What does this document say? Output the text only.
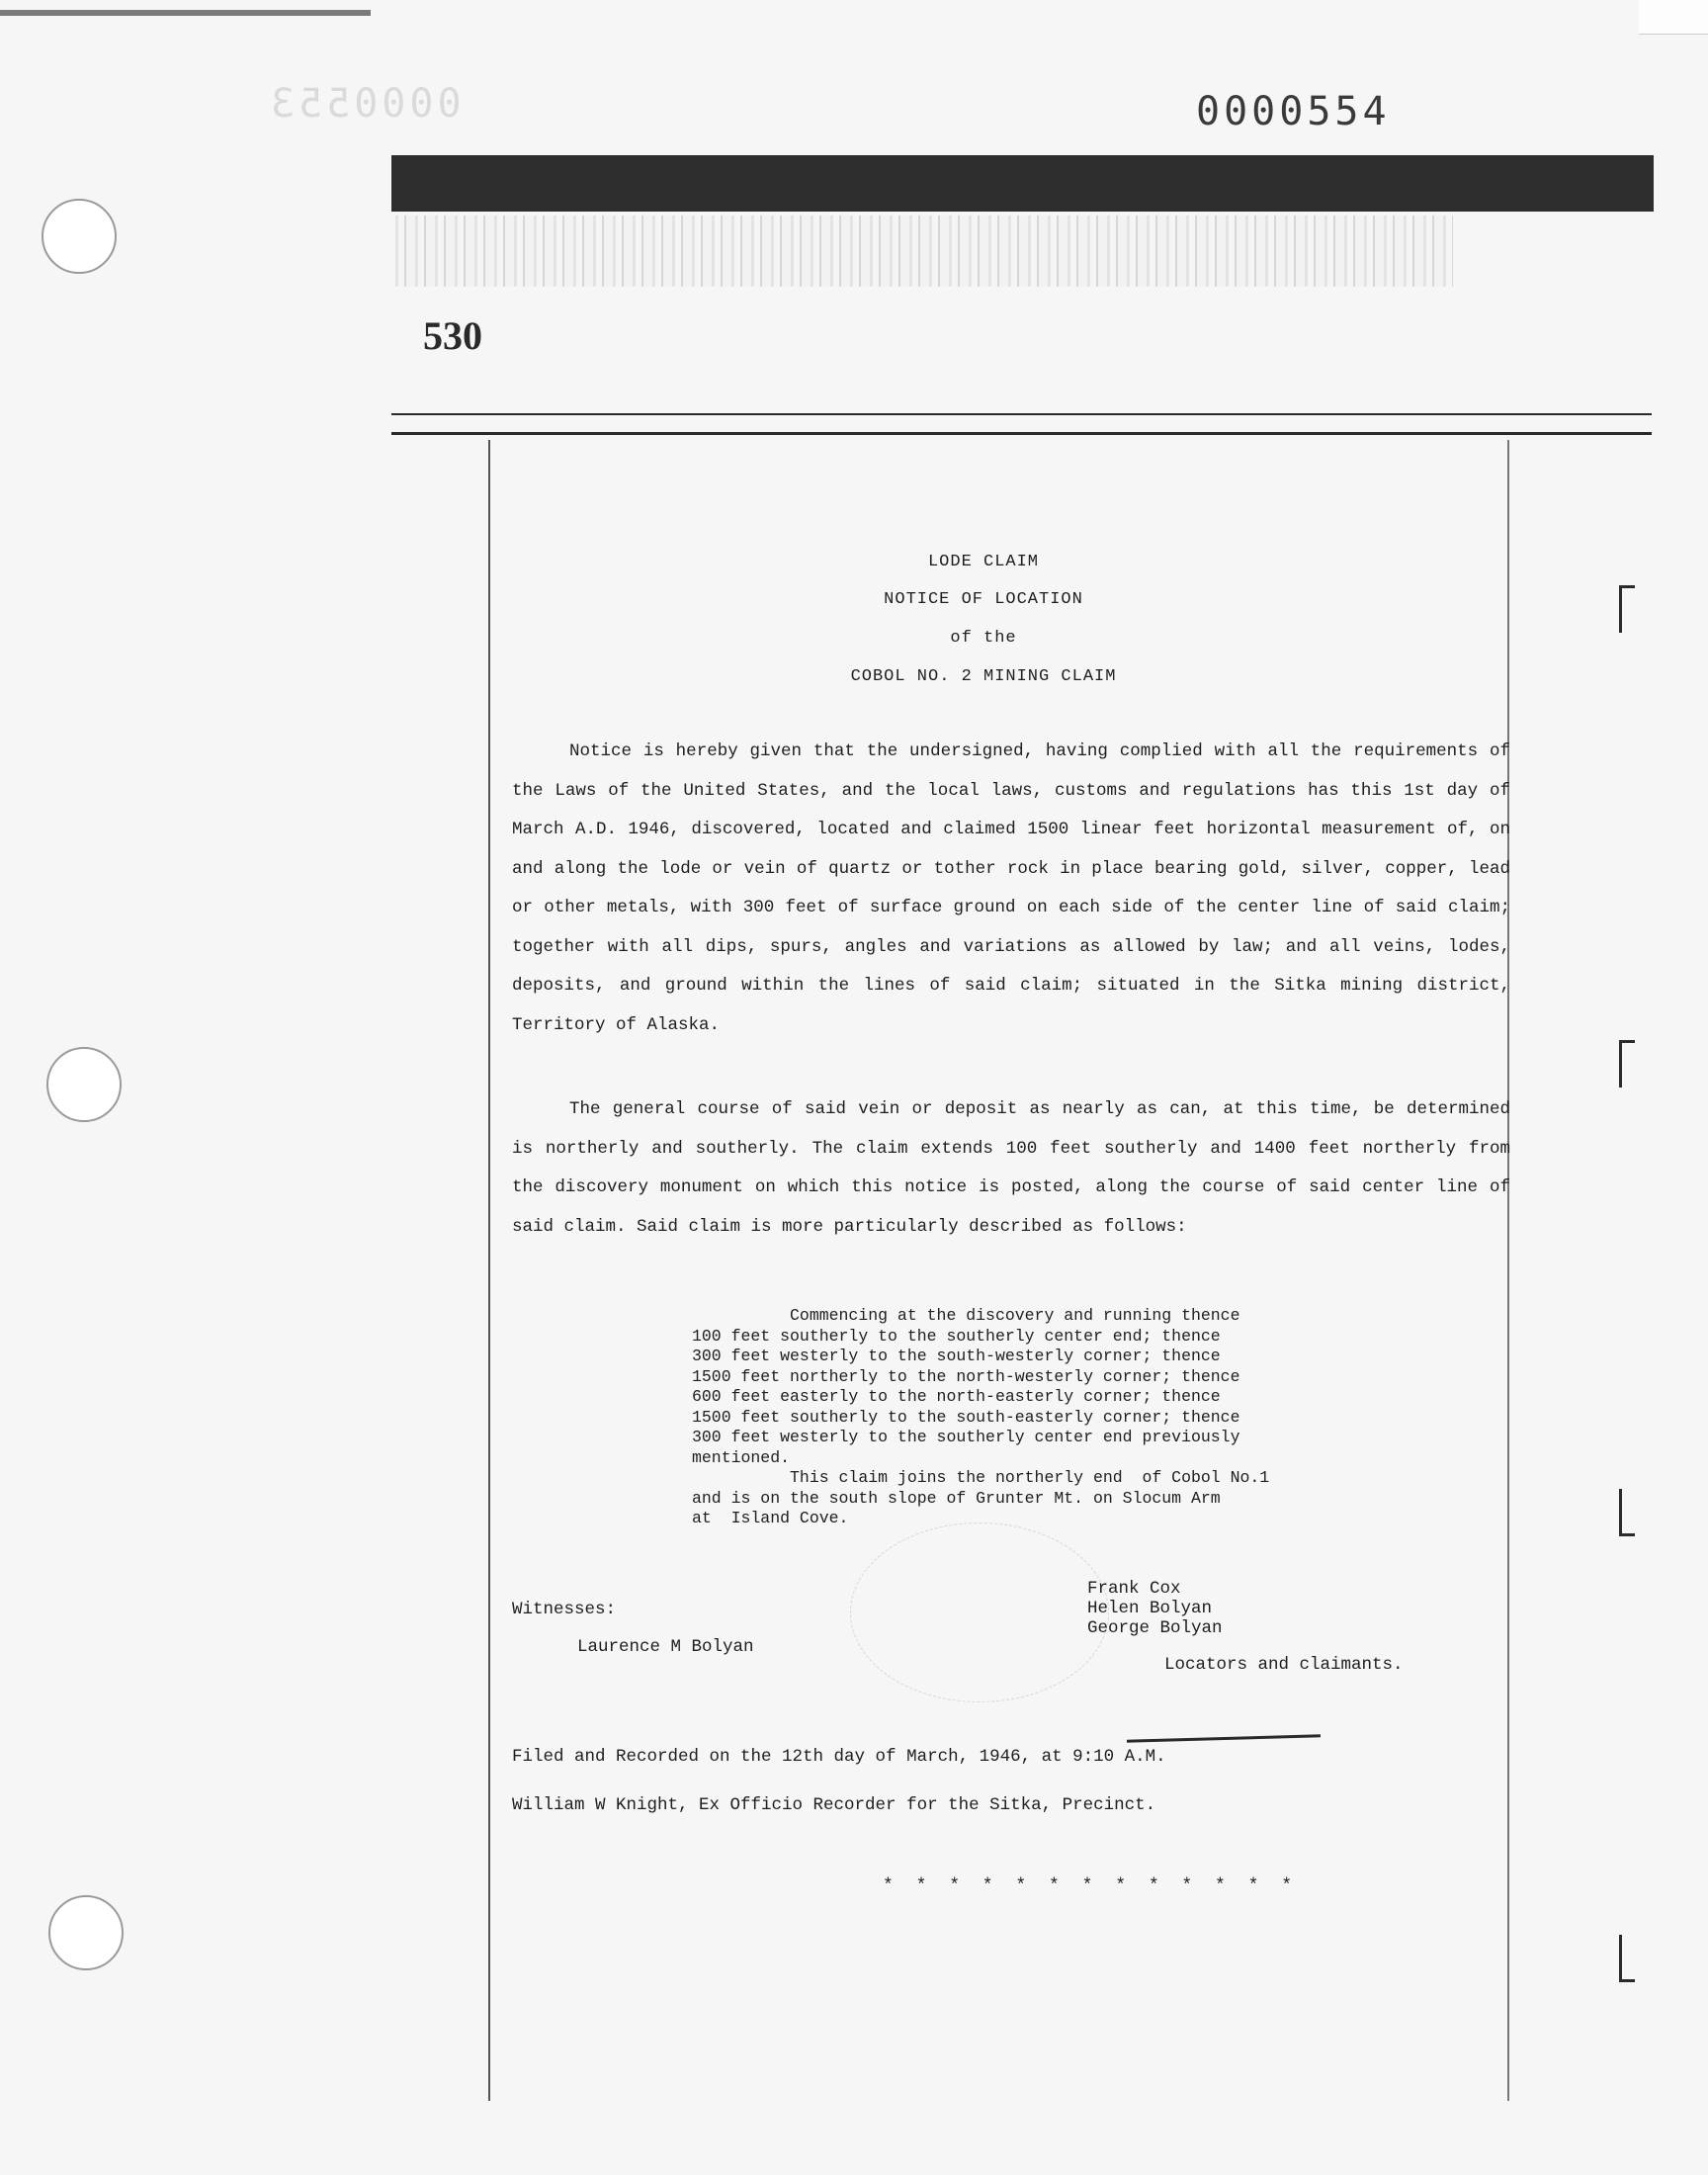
0000553	0000554
530
LODE CLAIM
NOTICE OF LOCATION
of the
COBOL NO. 2 MINING CLAIM

Notice is hereby given that the undersigned, having complied with all the requirements of the Laws of the United States, and the local laws, customs and regulations has this 1st day of March A.D. 1946, discovered, located and claimed 1500 linear feet horizontal measurement of, on and along the lode or vein of quartz or tother rock in place bearing gold, silver, copper, lead or other metals, with 300 feet of surface ground on each side of the center line of said claim; together with all dips, spurs, angles and variations as allowed by law; and all veins, lodes, deposits, and ground within the lines of said claim; situated in the Sitka mining district, Territory of Alaska.

The general course of said vein or deposit as nearly as can, at this time, be determined is northerly and southerly. The claim extends 100 feet southerly and 1400 feet northerly from the discovery monument on which this notice is posted, along the course of said center line of said claim. Said claim is more particularly described as follows:

Commencing at the discovery and running thence
100 feet southerly to the southerly center end; thence
300 feet westerly to the south-westerly corner; thence
1500 feet northerly to the north-westerly corner; thence
600 feet easterly to the north-easterly corner; thence
1500 feet southerly to the south-easterly corner; thence
300 feet westerly to the southerly center end previously
mentioned.
This claim joins the northerly end  of Cobol No.1
and is on the south slope of Grunter Mt. on Slocum Arm
at  Island Cove.
Witnesses:
Laurence M Bolyan
Frank Cox
Helen Bolyan
George Bolyan
Locators and claimants.
Filed and Recorded on the 12th day of March, 1946, at 9:10 A.M.
William W Knight, Ex Officio Recorder for the Sitka, Precinct.
* * * * * * * * * * * * *
